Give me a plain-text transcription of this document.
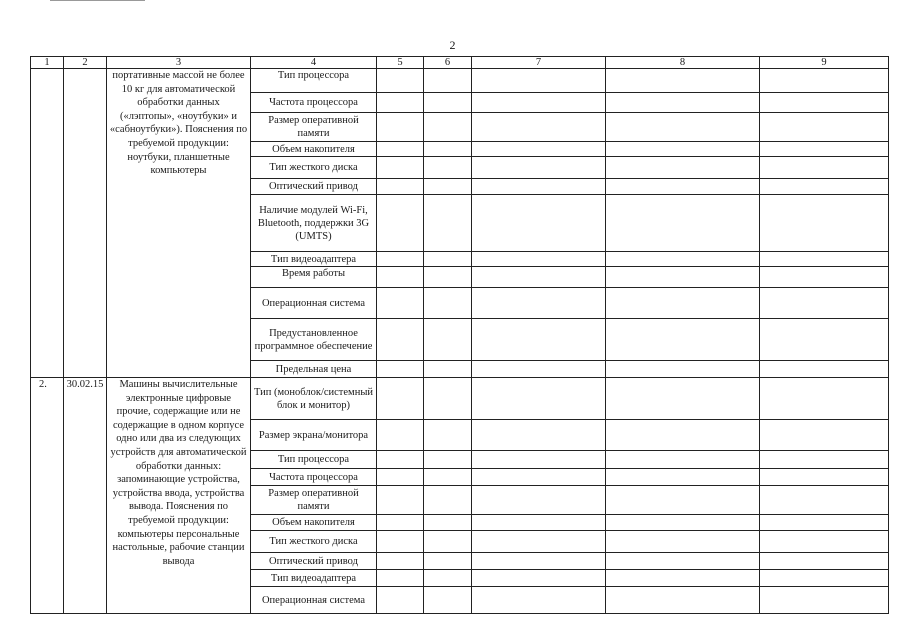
2
1	2	3	4	5	6	7	8	9
		портативные массой не более 10 кг для автоматической обработки данных («лэптопы», «ноутбуки» и «сабноутбуки»). Пояснения по требуемой продукции: ноутбуки, планшетные компьютеры	Тип процессора					
			Частота процессора					
			Размер оперативной памяти					
			Объем накопителя					
			Тип жесткого диска					
			Оптический привод					
			Наличие модулей Wi-Fi, Bluetooth, поддержки 3G (UMTS)					
			Тип видеоадаптера					
			Время работы					
			Операционная система					
			Предустановленное программное обеспечение					
			Предельная цена					
2.	30.02.15	Машины вычислительные электронные цифровые прочие, содержащие или не содержащие в одном корпусе одно или два из следующих устройств для автоматической обработки данных: запоминающие устройства, устройства ввода, устройства вывода. Пояснения по требуемой продукции: компьютеры персональные настольные, рабочие станции вывода	Тип (моноблок/системный блок и монитор)					
			Размер экрана/монитора					
			Тип процессора					
			Частота процессора					
			Размер оперативной памяти					
			Объем накопителя					
			Тип жесткого диска					
			Оптический привод					
			Тип видеоадаптера					
			Операционная система					
